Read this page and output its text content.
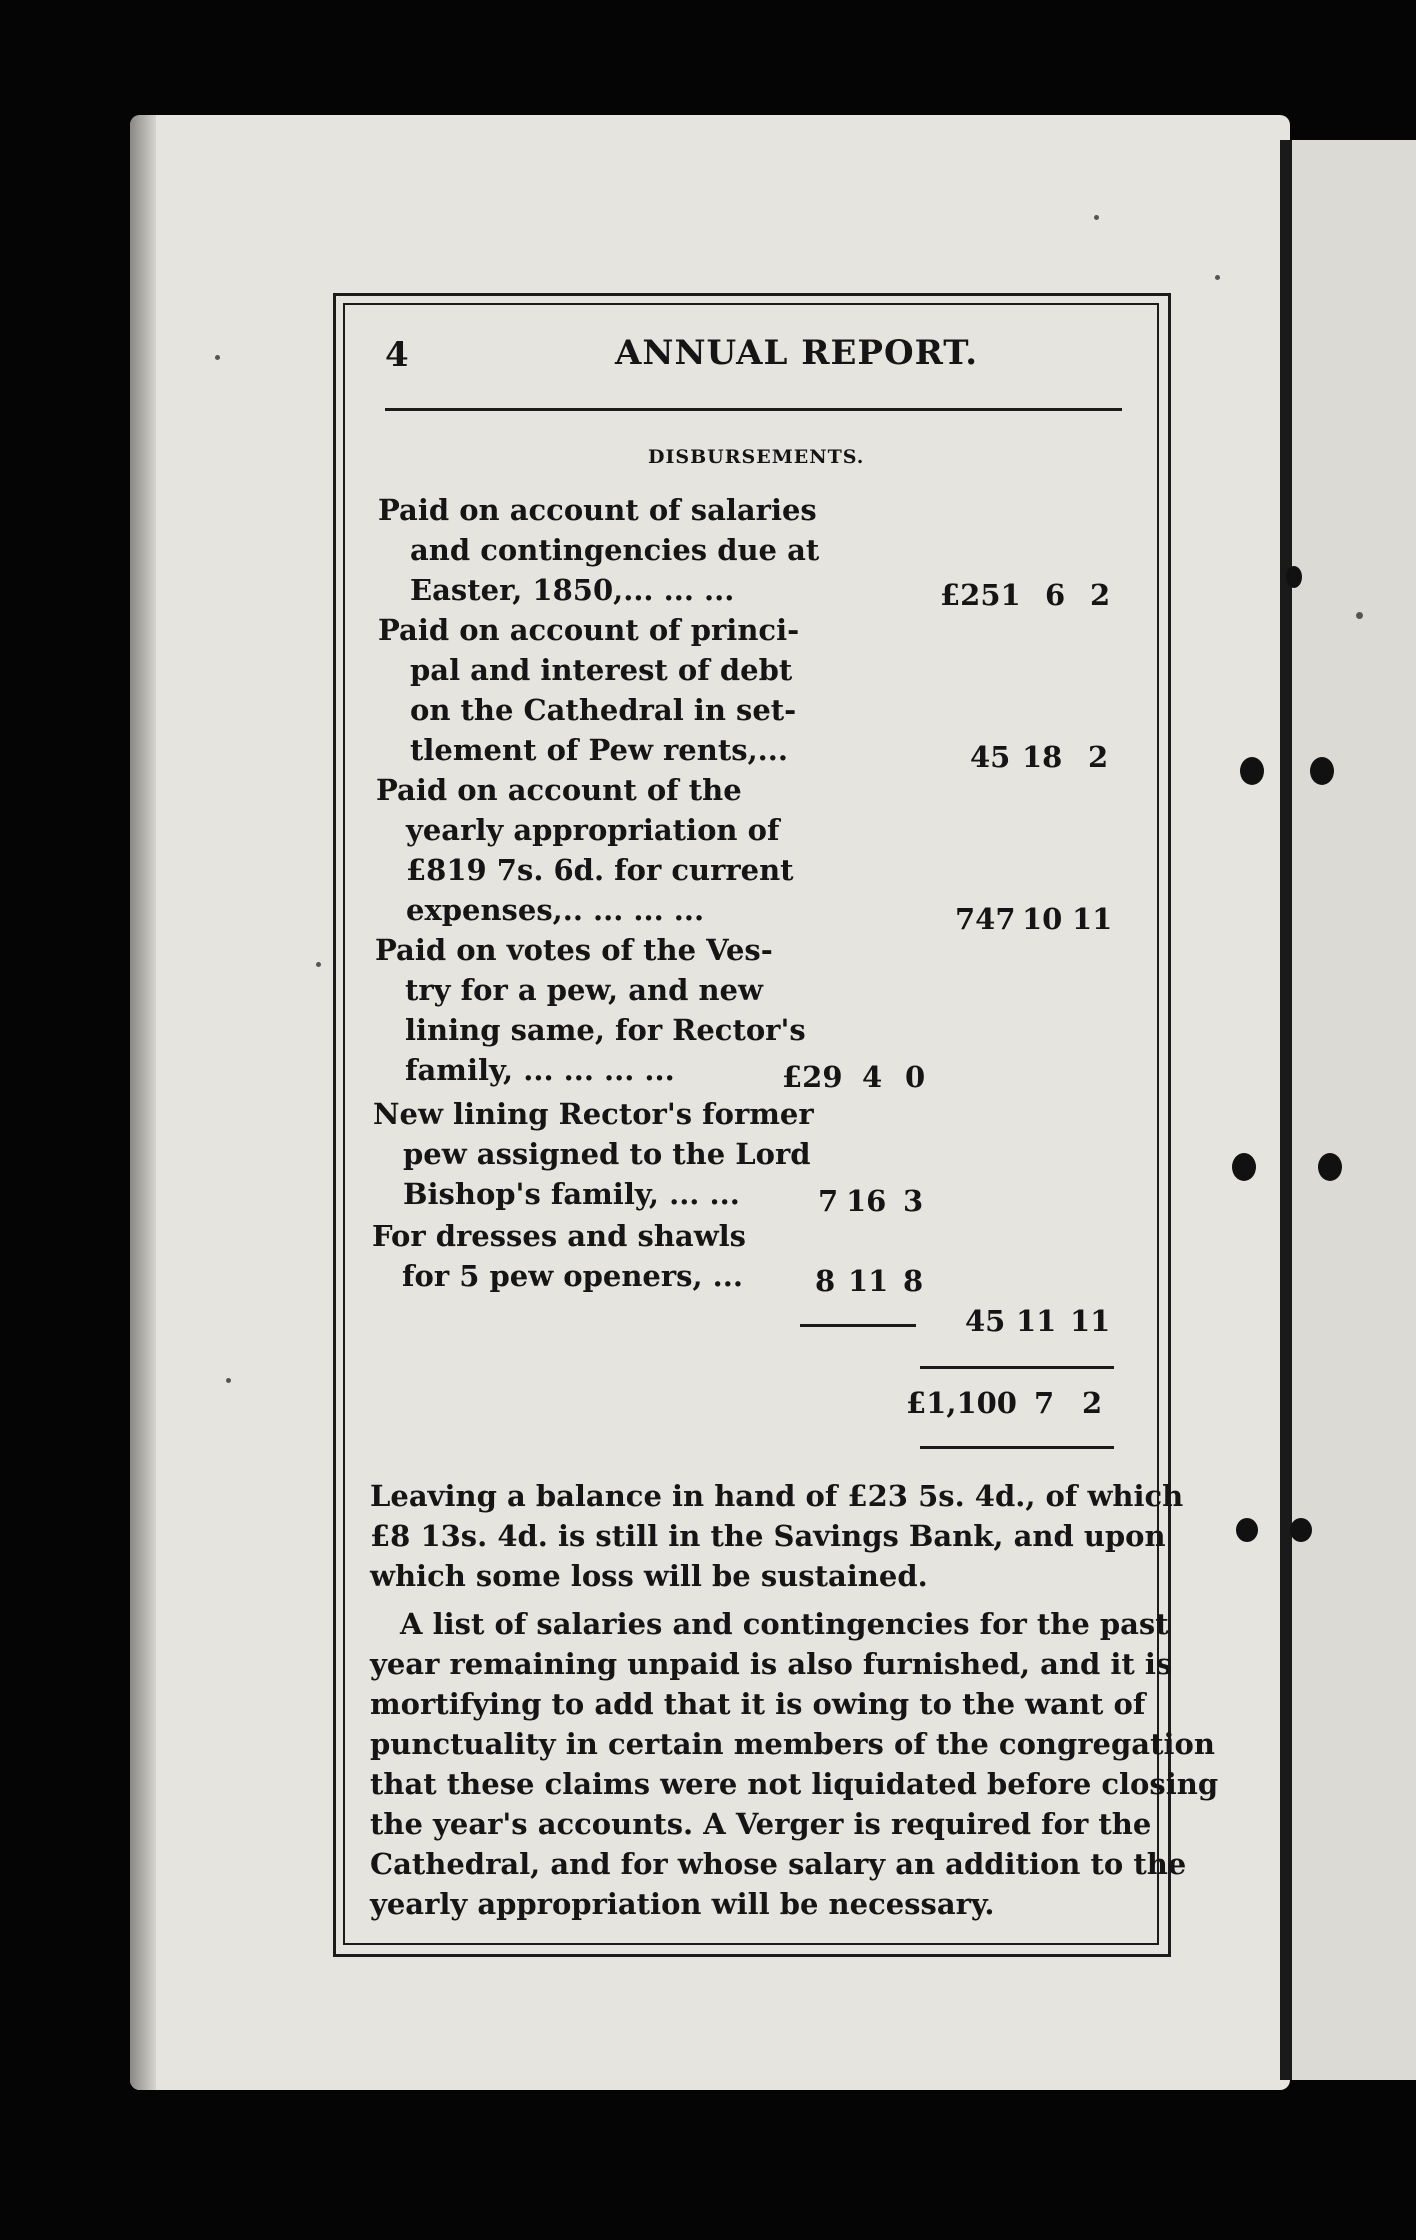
4	ANNUAL REPORT.
DISBURSEMENTS.
Paid on account of salaries
and contingencies due at
Easter, 1850,... ... ...	£251 6 2
Paid on account of princi-
pal and interest of debt
on the Cathedral in set-
tlement of Pew rents,...	45 18 2
Paid on account of the
yearly appropriation of
£819 7s. 6d. for current
expenses,.. ... ... ...	747 10 11
Paid on votes of the Ves-
try for a pew, and new
lining same, for Rector's
family, ... ... ... ...	£29 4 0
New lining Rector's former
pew assigned to the Lord
Bishop's family, ... ...	7 16 3
For dresses and shawls
for 5 pew openers, ... 8 11 8
45 11 11
£1,100 7 2
Leaving a balance in hand of £23 5s. 4d., of which
£8 13s. 4d. is still in the Savings Bank, and upon
which some loss will be sustained.
A list of salaries and contingencies for the past
year remaining unpaid is also furnished, and it is
mortifying to add that it is owing to the want of
punctuality in certain members of the congregation
that these claims were not liquidated before closing
the year's accounts. A Verger is required for the
Cathedral, and for whose salary an addition to the
yearly appropriation will be necessary.
